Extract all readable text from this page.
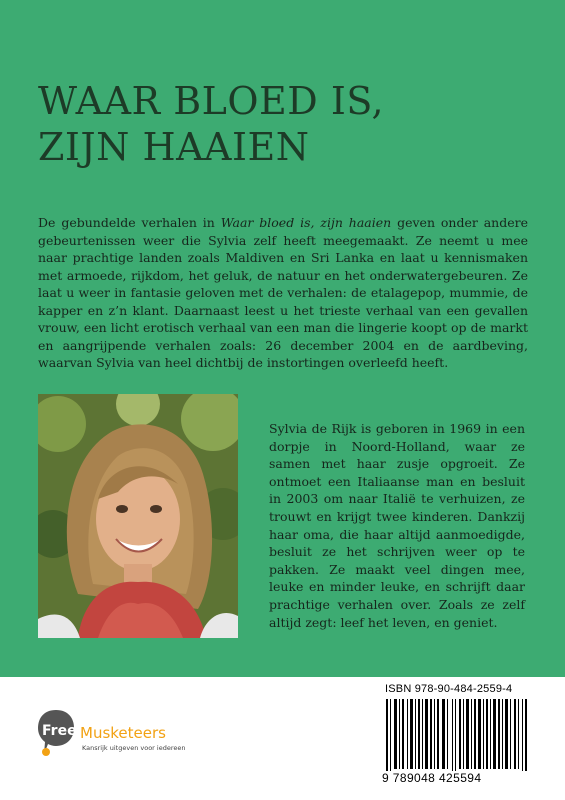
WAAR BLOED IS,
ZIJN HAAIEN

De gebundelde verhalen in Waar bloed is, zijn haaien geven onder andere gebeurtenissen weer die Sylvia zelf heeft meegemaakt. Ze neemt u mee naar prachtige landen zoals Maldiven en Sri Lanka en laat u kennismaken met armoede, rijkdom, het geluk, de natuur en het onderwatergebeuren. Ze laat u weer in fantasie geloven met de verhalen: de etalagepop, mummie, de kapper en z’n klant. Daarnaast leest u het trieste verhaal van een gevallen vrouw, een licht erotisch verhaal van een man die lingerie koopt op de markt en aangrijpende verhalen zoals: 26 december 2004 en de aardbeving, waarvan Sylvia van heel dichtbij de instortingen overleefd heeft.

Sylvia de Rijk is geboren in 1969 in een dorpje in Noord-Holland, waar ze samen met haar zusje opgroeit. Ze ontmoet een Italiaanse man en besluit in 2003 om naar Italië te verhuizen, ze trouwt en krijgt twee kinderen. Dankzij haar oma, die haar altijd aanmoedigde, besluit ze het schrijven weer op te pakken. Ze maakt veel dingen mee, leuke en minder leuke, en schrijft daar prachtige verhalen over. Zoals ze zelf altijd zegt: leef het leven, en geniet.

Free Musketeers
Kansrijk uitgeven voor iedereen
ISBN 978-90-484-2559-4
9 789048 425594
